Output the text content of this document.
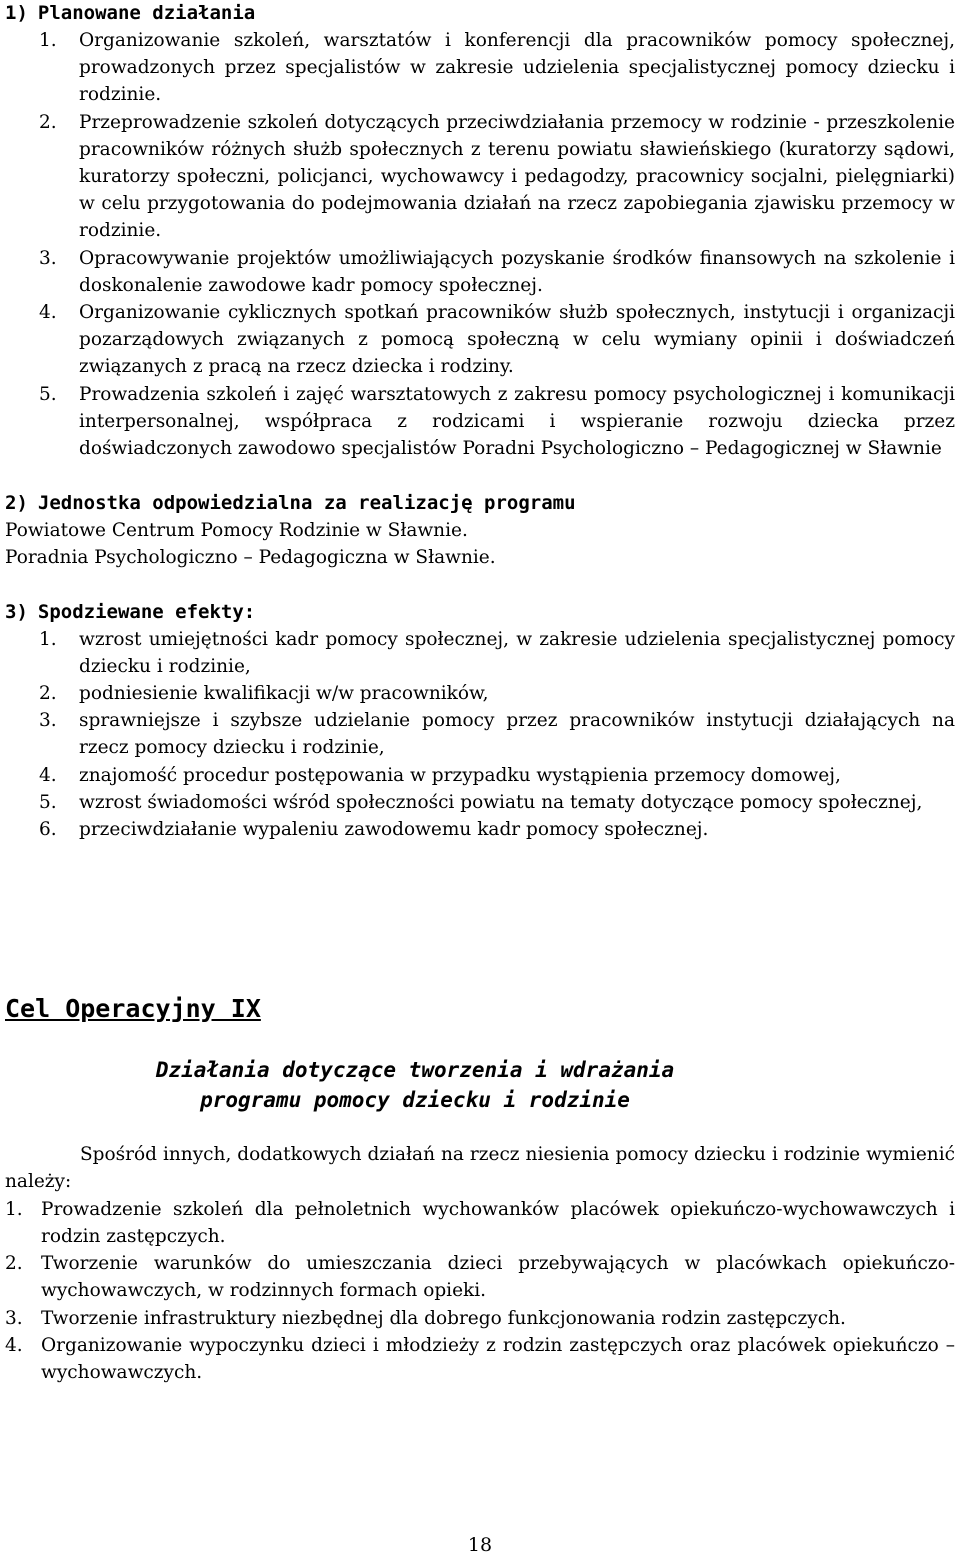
1) Planowane działania
1.	Organizowanie szkoleń, warsztatów i konferencji dla pracowników pomocy społecznej, prowadzonych przez specjalistów w zakresie udzielenia specjalistycznej pomocy dziecku i rodzinie.
2.	Przeprowadzenie szkoleń dotyczących przeciwdziałania przemocy w rodzinie - przeszkolenie pracowników różnych służb społecznych z terenu powiatu sławieńskiego (kuratorzy sądowi, kuratorzy społeczni, policjanci, wychowawcy i pedagodzy, pracownicy socjalni, pielęgniarki) w celu przygotowania do podejmowania działań na rzecz zapobiegania zjawisku przemocy w rodzinie.
3.	Opracowywanie projektów umożliwiających pozyskanie środków finansowych na szkolenie i doskonalenie zawodowe kadr pomocy społecznej.
4.	Organizowanie cyklicznych spotkań pracowników służb społecznych, instytucji i organizacji pozarządowych związanych z pomocą społeczną w celu wymiany opinii i doświadczeń związanych z pracą na rzecz dziecka i rodziny.
5.	Prowadzenia szkoleń i zajęć warsztatowych z zakresu pomocy psychologicznej i komunikacji interpersonalnej, współpraca z rodzicami i wspieranie rozwoju dziecka przez doświadczonych zawodowo specjalistów Poradni Psychologiczno – Pedagogicznej w Sławnie
2) Jednostka odpowiedzialna za realizację programu

Powiatowe Centrum Pomocy Rodzinie w Sławnie.

Poradnia Psychologiczno – Pedagogiczna w Sławnie.

3) Spodziewane efekty:
1.	wzrost umiejętności kadr pomocy społecznej, w zakresie udzielenia specjalistycznej pomocy dziecku i rodzinie,
2.	podniesienie kwalifikacji w/w pracowników,
3.	sprawniejsze i szybsze udzielanie pomocy przez pracowników instytucji działających na rzecz pomocy dziecku i rodzinie,
4.	znajomość procedur postępowania w przypadku wystąpienia przemocy domowej,
5.	wzrost świadomości wśród społeczności powiatu na tematy dotyczące pomocy społecznej,
6.	przeciwdziałanie wypaleniu zawodowemu kadr pomocy społecznej.
Cel Operacyjny IX

Działania dotyczące tworzenia i wdrażania

programu pomocy dziecku i rodzinie

Spośród innych, dodatkowych działań na rzecz niesienia pomocy dziecku i rodzinie wymienić należy:

1. Prowadzenie szkoleń dla pełnoletnich wychowanków placówek opiekuńczo-wychowawczych i rodzin zastępczych.
2. Tworzenie warunków do umieszczania dzieci przebywających w placówkach opiekuńczo-wychowawczych, w rodzinnych formach opieki.
3. Tworzenie infrastruktury niezbędnej dla dobrego funkcjonowania rodzin zastępczych.
4. Organizowanie wypoczynku dzieci i młodzieży z rodzin zastępczych oraz placówek opiekuńczo – wychowawczych.
18
